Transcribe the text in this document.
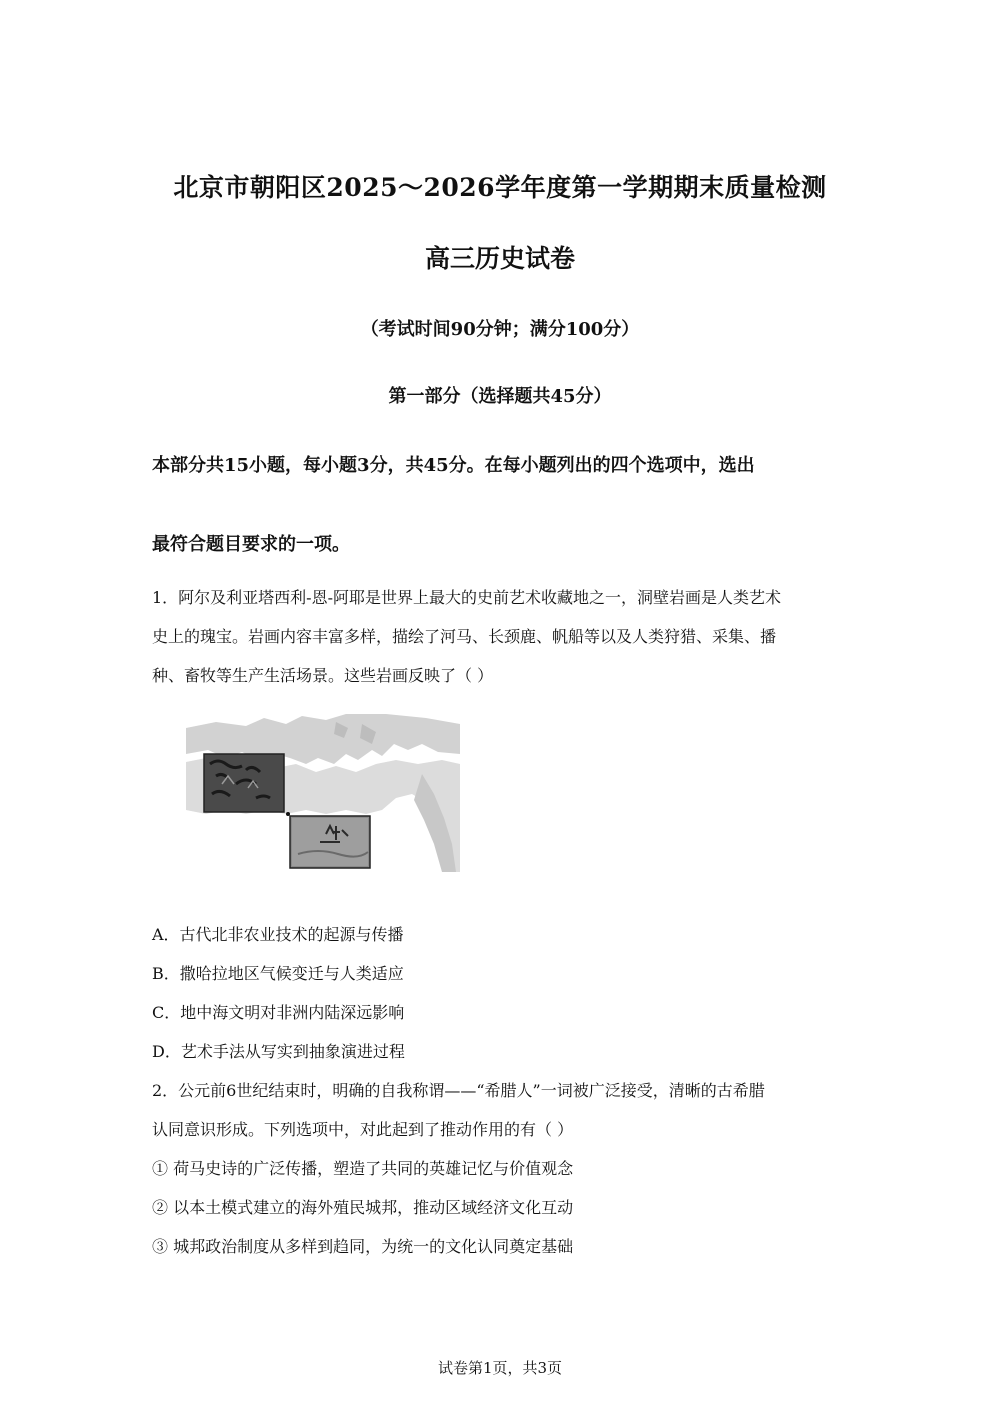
北京市朝阳区2025～2026学年度第一学期期末质量检测
高三历史试卷
（考试时间90分钟；满分100分）
第一部分（选择题共45分）
本部分共15小题，每小题3分，共45分。在每小题列出的四个选项中，选出
最符合题目要求的一项。
1．阿尔及利亚塔西利-恩-阿耶是世界上最大的史前艺术收藏地之一，洞壁岩画是人类艺术
史上的瑰宝。岩画内容丰富多样，描绘了河马、长颈鹿、帆船等以及人类狩猎、采集、播
种、畜牧等生产生活场景。这些岩画反映了（ ）
A．古代北非农业技术的起源与传播
B．撒哈拉地区气候变迁与人类适应
C．地中海文明对非洲内陆深远影响
D．艺术手法从写实到抽象演进过程
2．公元前6世纪结束时，明确的自我称谓——“希腊人”一词被广泛接受，清晰的古希腊
认同意识形成。下列选项中，对此起到了推动作用的有（ ）
① 荷马史诗的广泛传播，塑造了共同的英雄记忆与价值观念
② 以本土模式建立的海外殖民城邦，推动区域经济文化互动
③ 城邦政治制度从多样到趋同，为统一的文化认同奠定基础
试卷第1页，共3页
